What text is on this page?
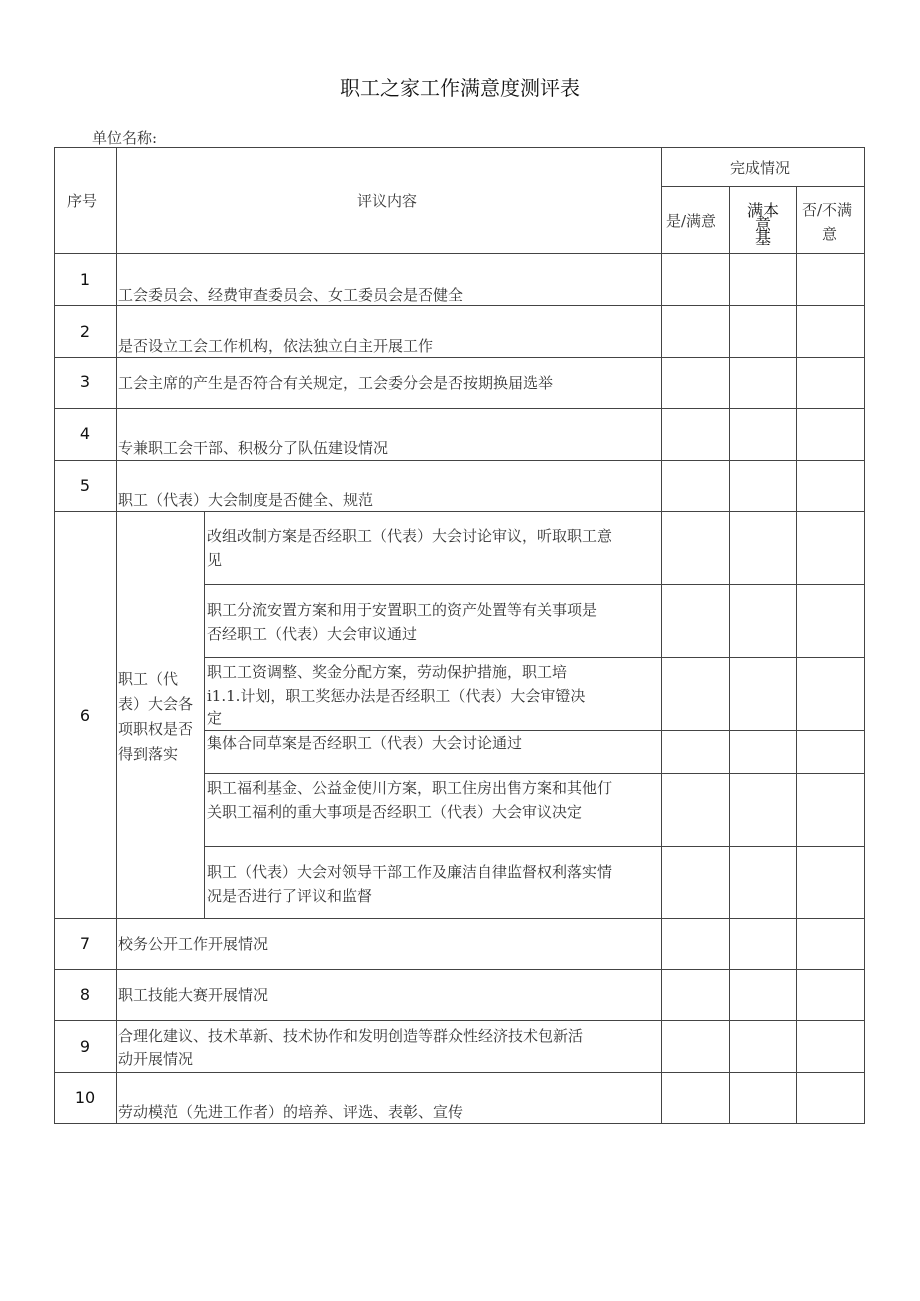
职工之家工作满意度测评表
单位名称:
序号	评议内容
完成情况
是/满意
满本
意
基
否/不满
意
1
2
3
4
5
6
7
8
9
10
工会委员会、经费审查委员会、女工委员会是否健全
是否设立工会工作机构，依法独立白主开展工作
工会主席的产生是否符合有关规定，工会委分会是否按期换届选举
专兼职工会干部、积极分了队伍建设情况
职工（代表）大会制度是否健全、规范
职工（代
表）大会各
项职权是否
得到落实
改组改制方案是否经职工（代表）大会讨论审议，听取职工意
见
职工分流安置方案和用于安置职工的资产处置等有关事项是
否经职工（代表）大会审议通过
职工工资调整、奖金分配方案，劳动保护措施，职工培
i1.1.计划，职工奖惩办法是否经职工（代表）大会审镫决
定
集体合同草案是否经职工（代表）大会讨论通过
职工福利基金、公益金使川方案，职工住房出售方案和其他仃
关职工福利的重大事项是否经职工（代表）大会审议决定
职工（代表）大会对领导干部工作及廉洁自律监督权利落实情
况是否进行了评议和监督
校务公开工作开展情况
职工技能大赛开展情况
合理化建议、技术革新、技术协作和发明创造等群众性经济技术包新活
动开展情况
劳动模范（先进工作者）的培养、评选、表彰、宣传
